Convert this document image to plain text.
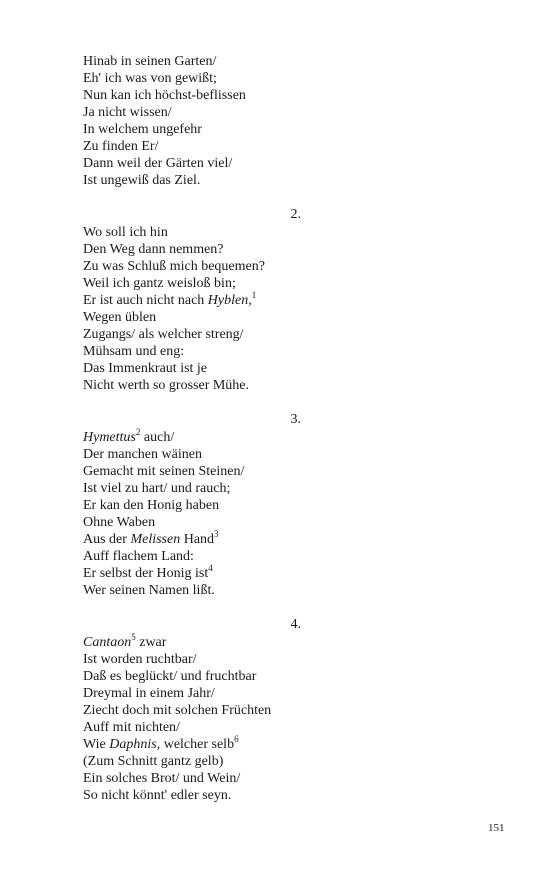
Hinab in seinen Garten/
Eh' ich was von gewißt;
Nun kan ich höchst-beflissen
Ja nicht wissen/
In welchem ungefehr
Zu finden Er/
Dann weil der Gärten viel/
Ist ungewiß das Ziel.
2.
Wo soll ich hin
Den Weg dann nemmen?
Zu was Schluß mich bequemen?
Weil ich gantz weisloß bin;
Er ist auch nicht nach Hyblen,$^1$
Wegen üblen
Zugangs/ als welcher streng/
Mühsam und eng:
Das Immenkraut ist je
Nicht werth so grosser Mühe.
3.
Hymettus$^2$ auch/
Der manchen wäinen
Gemacht mit seinen Steinen/
Ist viel zu hart/ und rauch;
Er kan den Honig haben
Ohne Waben
Aus der Melissen Hand$^3$
Auff flachem Land:
Er selbst der Honig ist$^4$
Wer seinen Namen lißt.
4.
Cantaon$^5$ zwar
Ist worden ruchtbar/
Daß es beglückt/ und fruchtbar
Dreymal in einem Jahr/
Ziecht doch mit solchen Früchten
Auff mit nichten/
Wie Daphnis, welcher selb$^6$
(Zum Schnitt gantz gelb)
Ein solches Brot/ und Wein/
So nicht könnt' edler seyn.
151
